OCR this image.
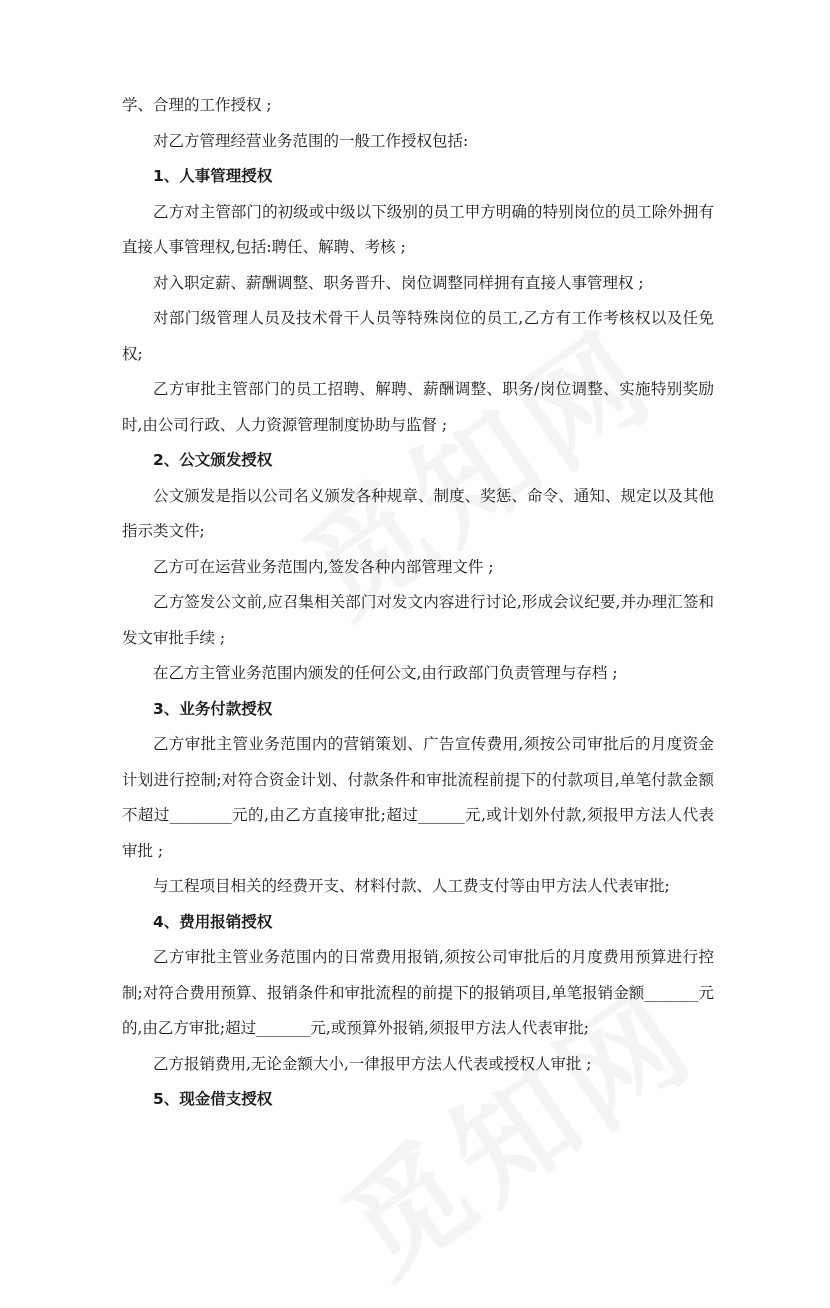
学、合理的工作授权 ;

对乙方管理经营业务范围的一般工作授权包括:

1、人事管理授权

乙方对主管部门的初级或中级以下级别的员工甲方明确的特别岗位的员工除外拥有直接人事管理权,包括:聘任、解聘、考核 ;

对入职定薪、薪酬调整、职务晋升、岗位调整同样拥有直接人事管理权 ;

对部门级管理人员及技术骨干人员等特殊岗位的员工,乙方有工作考核权以及任免权;

乙方审批主管部门的员工招聘、解聘、薪酬调整、职务/岗位调整、实施特别奖励时,由公司行政、人力资源管理制度协助与监督 ;

2、公文颁发授权

公文颁发是指以公司名义颁发各种规章、制度、奖惩、命令、通知、规定以及其他指示类文件;

乙方可在运营业务范围内,签发各种内部管理文件 ;

乙方签发公文前,应召集相关部门对发文内容进行讨论,形成会议纪要,并办理汇签和发文审批手续 ;

在乙方主管业务范围内颁发的任何公文,由行政部门负责管理与存档 ;

3、业务付款授权

乙方审批主管业务范围内的营销策划、广告宣传费用,须按公司审批后的月度资金计划进行控制;对符合资金计划、付款条件和审批流程前提下的付款项目,单笔付款金额不超过________元的,由乙方直接审批;超过______元,或计划外付款,须报甲方法人代表审批 ;

与工程项目相关的经费开支、材料付款、人工费支付等由甲方法人代表审批;

4、费用报销授权

乙方审批主管业务范围内的日常费用报销,须按公司审批后的月度费用预算进行控制;对符合费用预算、报销条件和审批流程的前提下的报销项目,单笔报销金额_______元的,由乙方审批;超过_______元,或预算外报销,须报甲方法人代表审批;

乙方报销费用,无论金额大小,一律报甲方法人代表或授权人审批 ;

5、现金借支授权
